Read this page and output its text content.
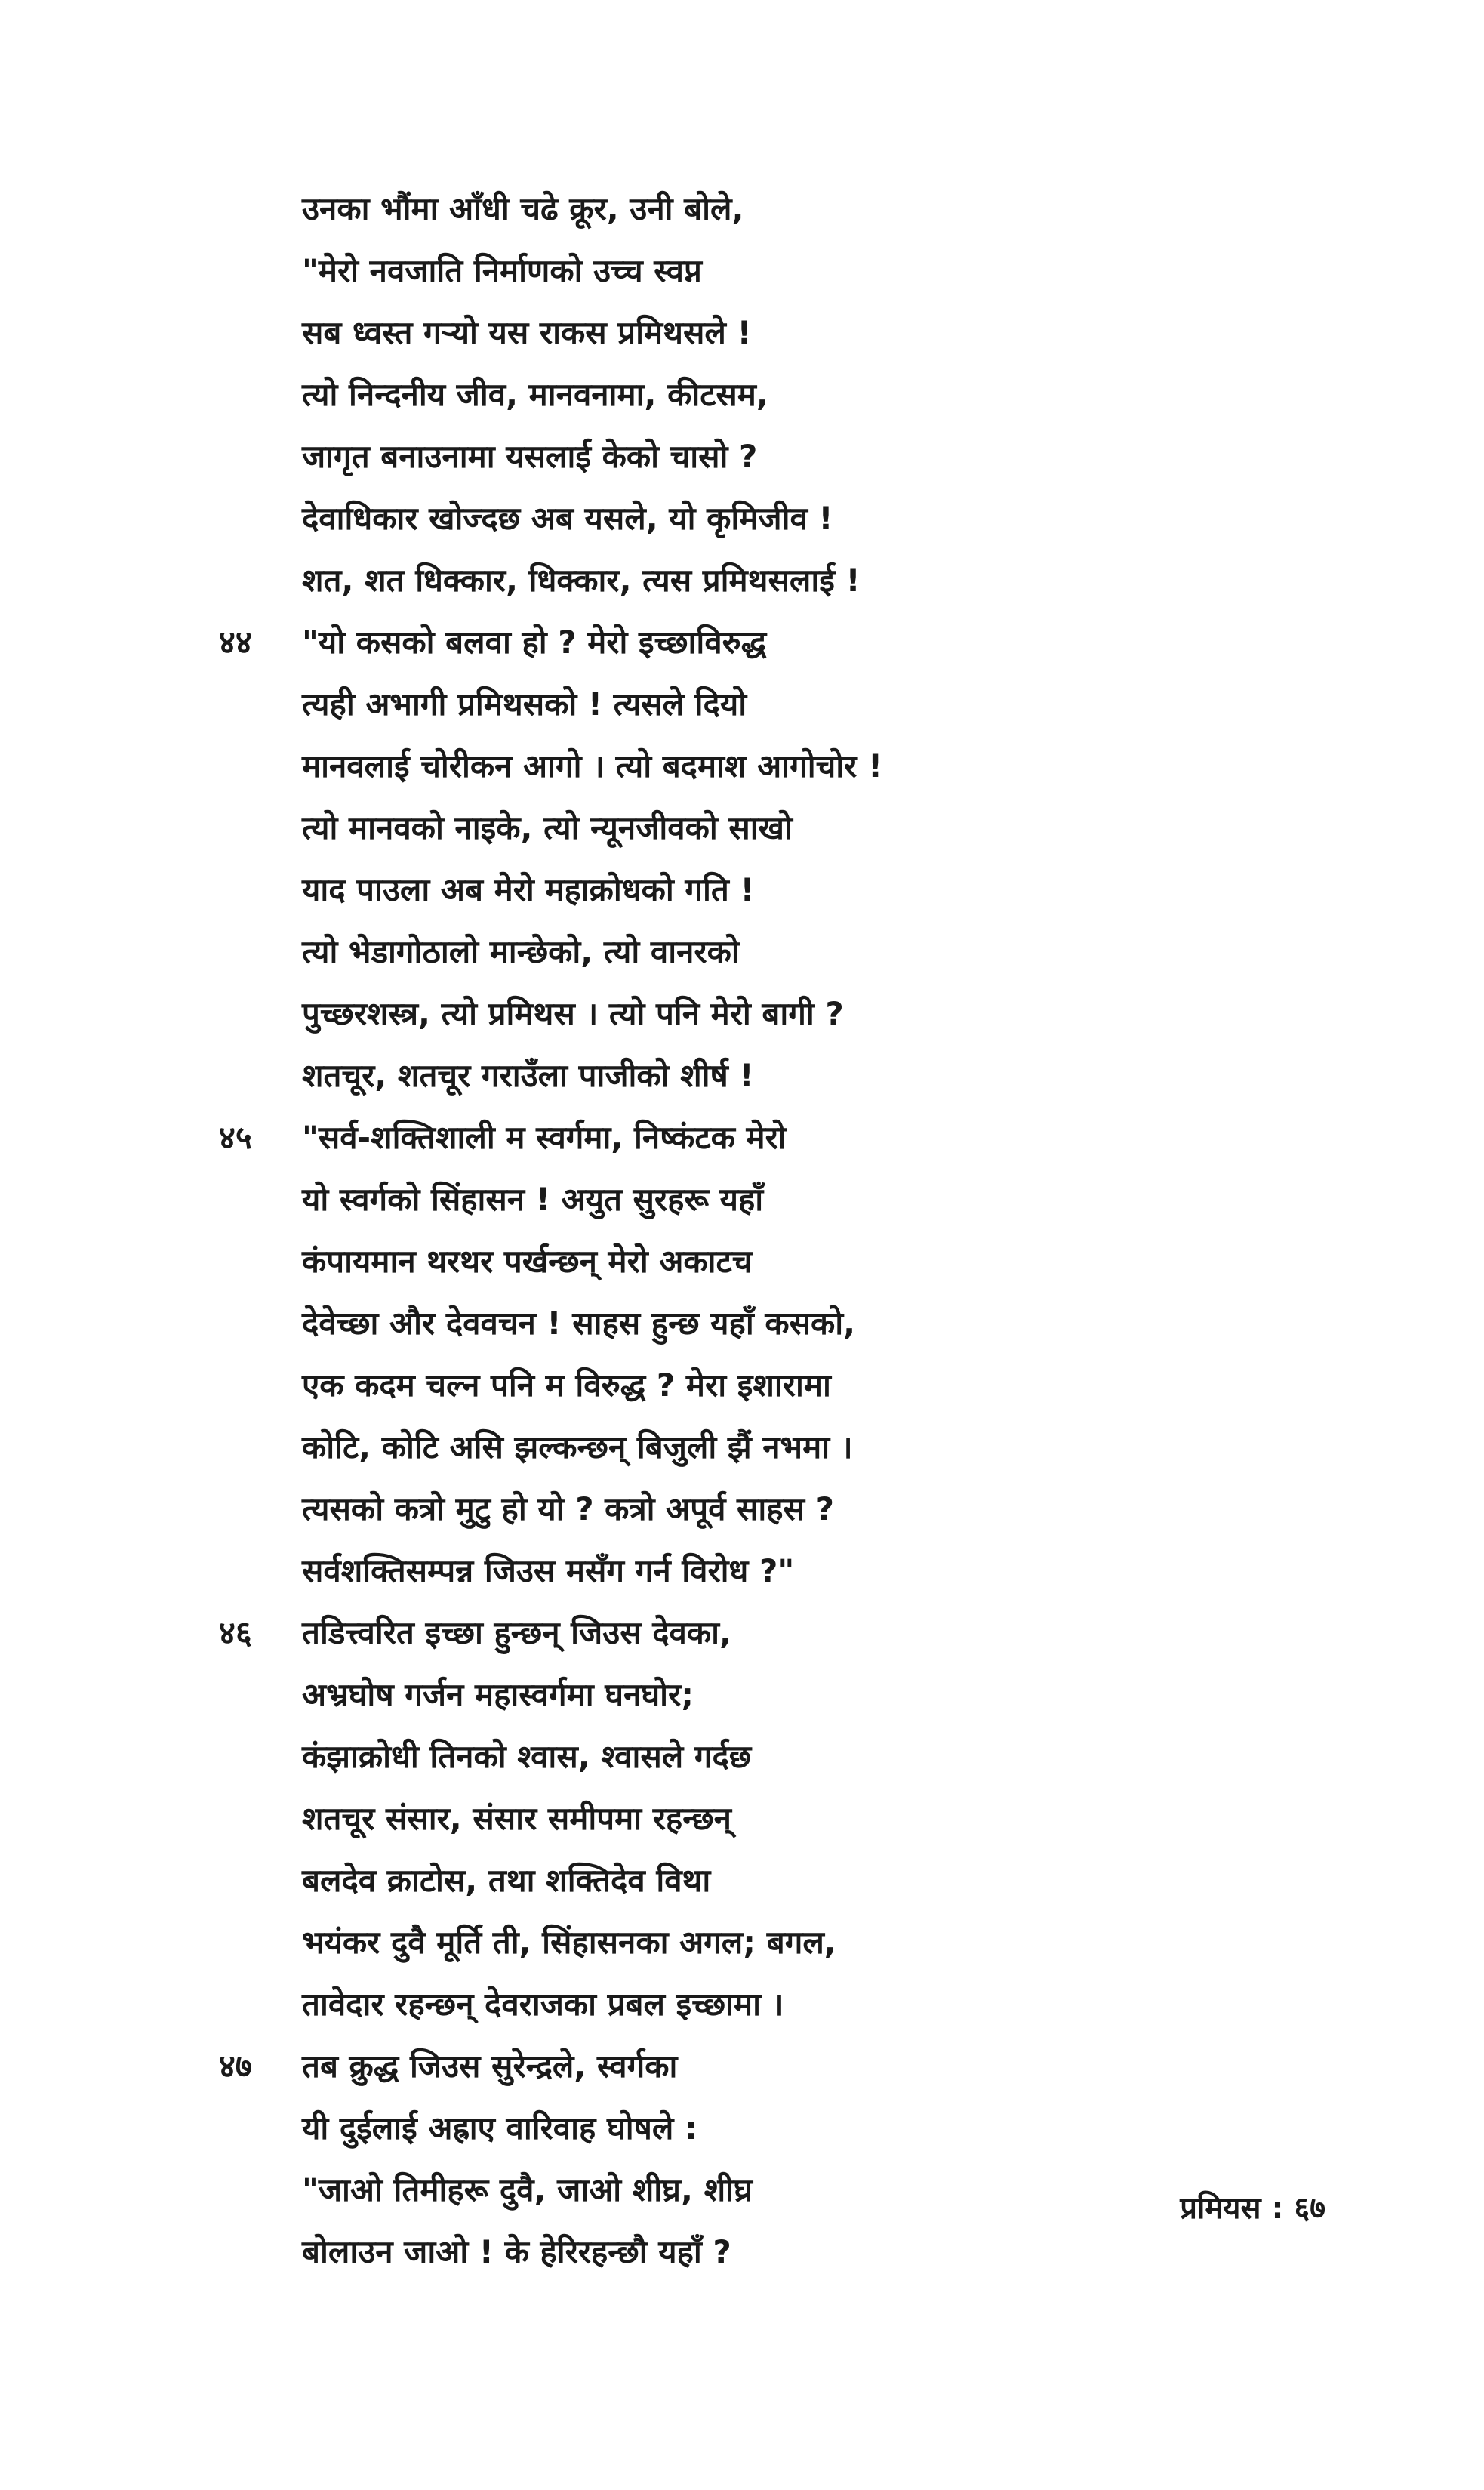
उनका भौंमा आँधी चढे क्रूर, उनी बोले,
"मेरो नवजाति निर्माणको उच्च स्वप्न
सब ध्वस्त गऱ्यो यस राकस प्रमिथसले !
त्यो निन्दनीय जीव, मानवनामा, कीटसम,
जागृत बनाउनामा यसलाई केको चासो ?
देवाधिकार खोज्दछ अब यसले, यो कृमिजीव !
शत, शत धिक्कार, धिक्कार, त्यस प्रमिथसलाई !
४४	"यो कसको बलवा हो ? मेरो इच्छाविरुद्ध
त्यही अभागी प्रमिथसको ! त्यसले दियो
मानवलाई चोरीकन आगो । त्यो बदमाश आगोचोर !
त्यो मानवको नाइके, त्यो न्यूनजीवको साखो
याद पाउला अब मेरो महाक्रोधको गति !
त्यो भेडागोठालो मान्छेको, त्यो वानरको
पुच्छरशस्त्र, त्यो प्रमिथस । त्यो पनि मेरो बागी ?
शतचूर, शतचूर गराउँला पाजीको शीर्ष !
४५	"सर्व-शक्तिशाली म स्वर्गमा, निष्कंटक मेरो
यो स्वर्गको सिंहासन ! अयुत सुरहरू यहाँ
कंपायमान थरथर पर्खन्छन् मेरो अकाटच
देवेच्छा और देववचन ! साहस हुन्छ यहाँ कसको,
एक कदम चल्न पनि म विरुद्ध ? मेरा इशारामा
कोटि, कोटि असि झल्कन्छन् बिजुली झैं नभमा ।
त्यसको कत्रो मुटु हो यो ? कत्रो अपूर्व साहस ?
सर्वशक्तिसम्पन्न जिउस मसँग गर्न विरोध ?"
४६	तडित्त्वरित इच्छा हुन्छन् जिउस देवका,
अभ्रघोष गर्जन महास्वर्गमा घनघोर;
कंझाक्रोधी तिनको श्वास, श्वासले गर्दछ
शतचूर संसार, संसार समीपमा रहन्छन्
बलदेव क्राटोस, तथा शक्तिदेव विथा
भयंकर दुवै मूर्ति ती, सिंहासनका अगल; बगल,
तावेदार रहन्छन् देवराजका प्रबल इच्छामा ।
४७	तब क्रुद्ध जिउस सुरेन्द्रले, स्वर्गका
यी दुईलाई अह्राए वारिवाह घोषले :
"जाओ तिमीहरू दुवै, जाओ शीघ्र, शीघ्र
बोलाउन जाओ ! के हेरिरहन्छौ यहाँ ?
प्रमियस : ६७
